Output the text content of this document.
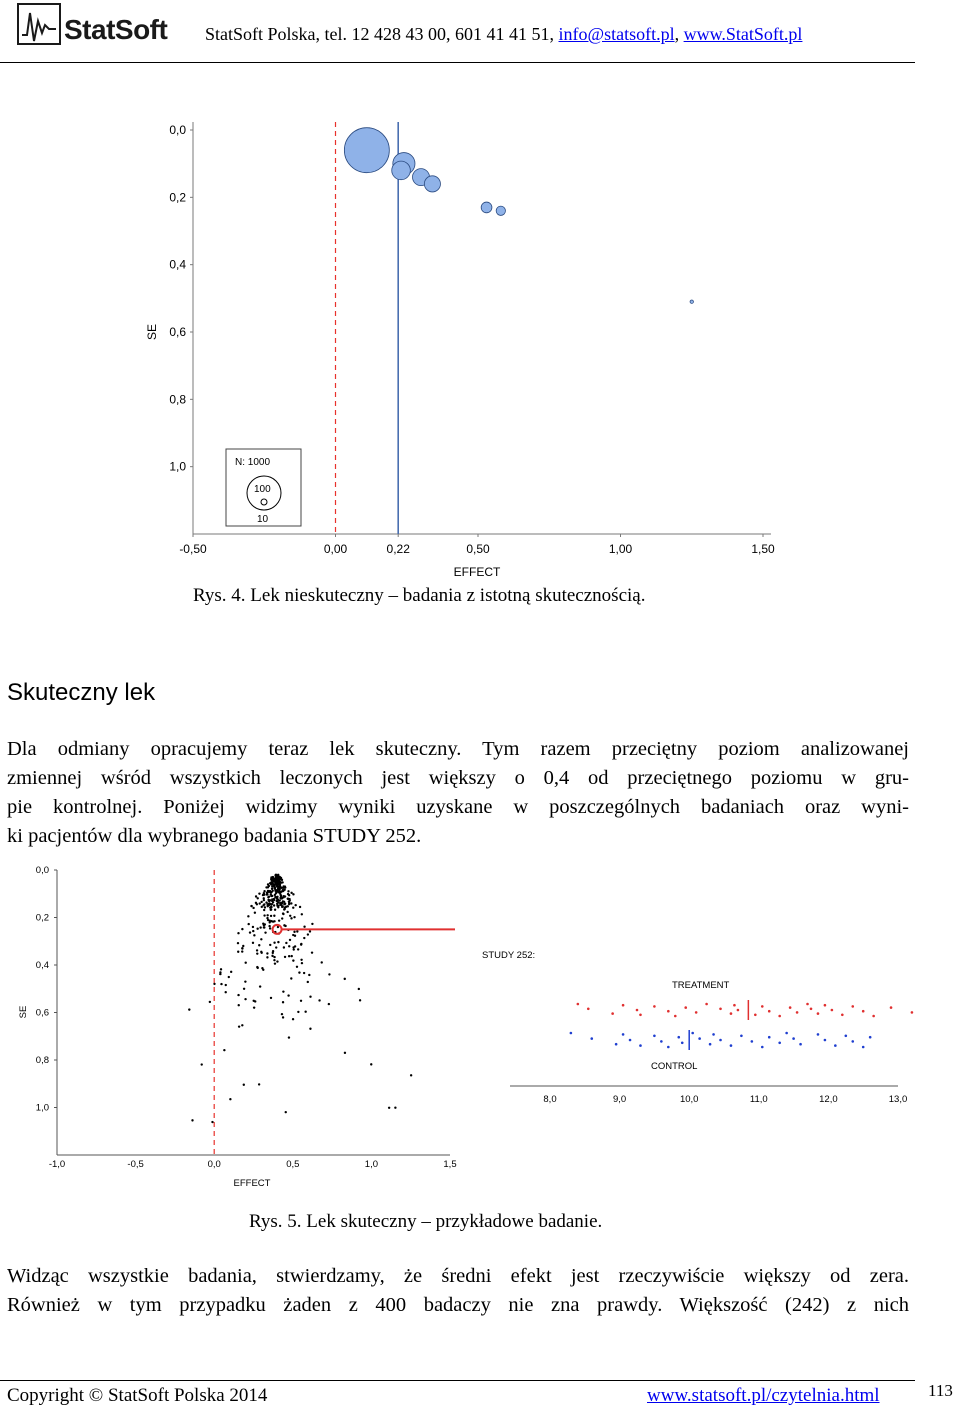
StatSoft StatSoft Polska, tel. 12 428 43 00, 601 41 41 51, info@statsoft.pl, www.StatSoft.pl
0,0
0,2
0,4
0,6
0,8
1,0
-0,50	0,00	0,22	0,50	1,00	1,50
SE
EFFECT
N: 1000
100
10
Rys. 4. Lek nieskuteczny – badania z istotną skutecznością.
Skuteczny lek
Dla odmiany opracujemy teraz lek skuteczny. Tym razem przeciętny poziom analizowanej
zmiennej wśród wszystkich leczonych jest większy o 0,4 od przeciętnego poziomu w gru-
pie kontrolnej. Poniżej widzimy wyniki uzyskane w poszczególnych badaniach oraz wyni-
ki pacjentów dla wybranego badania STUDY 252.
0,0
0,2
0,4
0,6
0,8
1,0
-1,0	-0,5	0,0	0,5	1,0	1,5
SE
EFFECT
STUDY 252:
TREATMENT
CONTROL
8,0	9,0	10,0	11,0	12,0	13,0
Rys. 5. Lek skuteczny – przykładowe badanie.
Widząc wszystkie badania, stwierdzamy, że średni efekt jest rzeczywiście większy od zera.
Również w tym przypadku żaden z 400 badaczy nie zna prawdy. Większość (242) z nich
Copyright © StatSoft Polska 2014	www.statsoft.pl/czytelnia.html	113
